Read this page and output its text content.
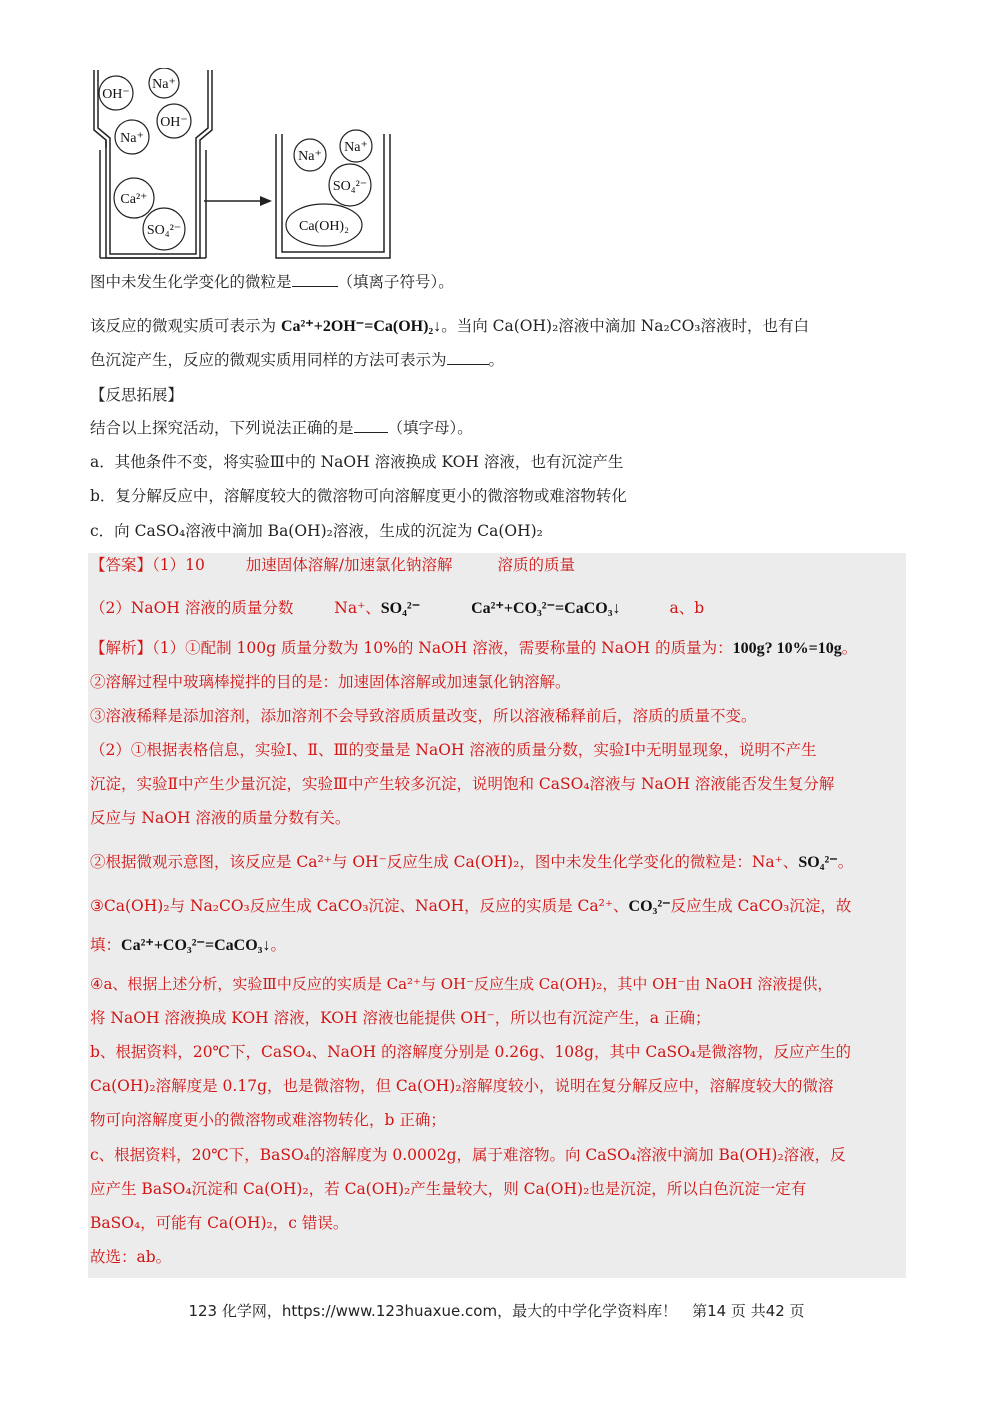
OH⁻
Na⁺
Na⁺
OH⁻
Ca²⁺
SO₄²⁻
Na⁺
Na⁺
SO₄²⁻
Ca(OH)₂
图中未发生化学变化的微粒是	（填离子符号）。
该反应的微观实质可表示为 Ca²⁺+2OH⁻=Ca(OH)₂↓。当向 Ca(OH)₂溶液中滴加 Na₂CO₃溶液时，也有白
色沉淀产生，反应的微观实质用同样的方法可表示为	。
【反思拓展】
结合以上探究活动，下列说法正确的是 （填字母）。
a．其他条件不变，将实验Ⅲ中的 NaOH 溶液换成 KOH 溶液，也有沉淀产生
b．复分解反应中，溶解度较大的微溶物可向溶解度更小的微溶物或难溶物转化
c．向 CaSO₄溶液中滴加 Ba(OH)₂溶液，生成的沉淀为 Ca(OH)₂
【答案】（1）10	加速固体溶解/加速氯化钠溶解	溶质的质量
（2）NaOH 溶液的质量分数	Na⁺、SO₄²⁻	Ca²⁺+CO₃²⁻=CaCO₃↓	a、b
【解析】（1）①配制 100g 质量分数为 10%的 NaOH 溶液，需要称量的 NaOH 的质量为：100g? 10%=10g。
②溶解过程中玻璃棒搅拌的目的是：加速固体溶解或加速氯化钠溶解。
③溶液稀释是添加溶剂，添加溶剂不会导致溶质质量改变，所以溶液稀释前后，溶质的质量不变。
（2）①根据表格信息，实验Ⅰ、Ⅱ、Ⅲ的变量是 NaOH 溶液的质量分数，实验Ⅰ中无明显现象，说明不产生
沉淀，实验Ⅱ中产生少量沉淀，实验Ⅲ中产生较多沉淀，说明饱和 CaSO₄溶液与 NaOH 溶液能否发生复分解
反应与 NaOH 溶液的质量分数有关。
②根据微观示意图，该反应是 Ca²⁺与 OH⁻反应生成 Ca(OH)₂，图中未发生化学变化的微粒是：Na⁺、SO₄²⁻。
③Ca(OH)₂与 Na₂CO₃反应生成 CaCO₃沉淀、NaOH，反应的实质是 Ca²⁺、CO₃²⁻反应生成 CaCO₃沉淀，故
填：Ca²⁺+CO₃²⁻=CaCO₃↓。
④a、根据上述分析，实验Ⅲ中反应的实质是 Ca²⁺与 OH⁻反应生成 Ca(OH)₂，其中 OH⁻由 NaOH 溶液提供，
将 NaOH 溶液换成 KOH 溶液，KOH 溶液也能提供 OH⁻，所以也有沉淀产生，a 正确；
b、根据资料，20℃下，CaSO₄、NaOH 的溶解度分别是 0.26g、108g，其中 CaSO₄是微溶物，反应产生的
Ca(OH)₂溶解度是 0.17g，也是微溶物，但 Ca(OH)₂溶解度较小，说明在复分解反应中，溶解度较大的微溶
物可向溶解度更小的微溶物或难溶物转化，b 正确；
c、根据资料，20℃下，BaSO₄的溶解度为 0.0002g，属于难溶物。向 CaSO₄溶液中滴加 Ba(OH)₂溶液，反
应产生 BaSO₄沉淀和 Ca(OH)₂，若 Ca(OH)₂产生量较大，则 Ca(OH)₂也是沉淀，所以白色沉淀一定有
BaSO₄，可能有 Ca(OH)₂，c 错误。
故选：ab。
123 化学网，https://www.123huaxue.com，最大的中学化学资料库！　第14 页 共42 页
